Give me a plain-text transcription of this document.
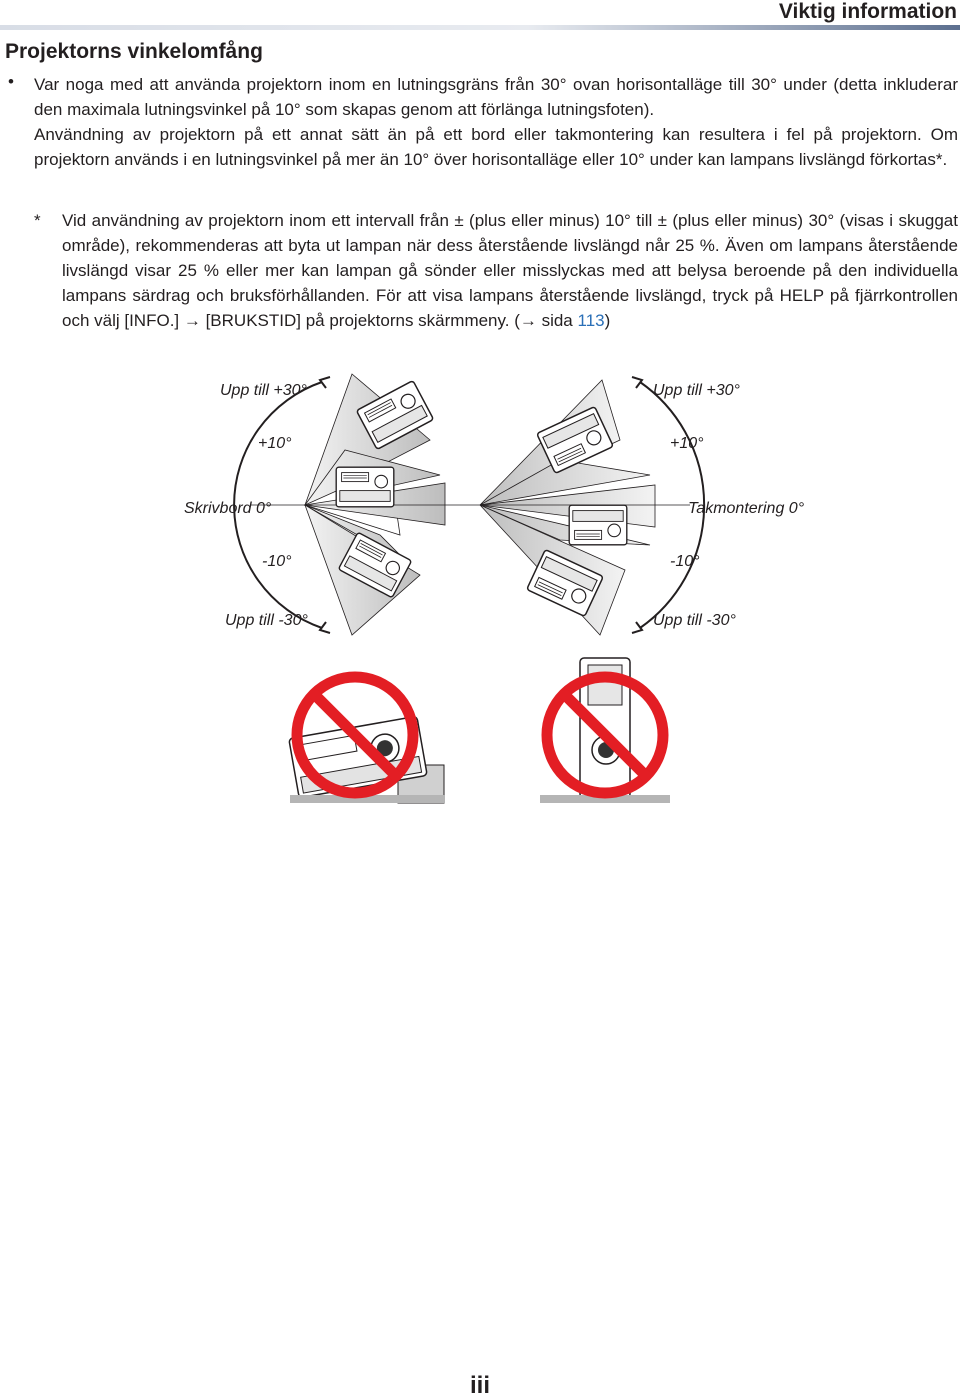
Viktig information
Projektorns vinkelomfång
• Var noga med att använda projektorn inom en lutningsgräns från 30° ovan horisontalläge till 30° under (detta inkluderar den maximala lutningsvinkel på 10° som skapas genom att förlänga lutningsfoten).

Användning av projektorn på ett annat sätt än på ett bord eller takmontering kan resultera i fel på projektorn. Om projektorn används i en lutningsvinkel på mer än 10° över horisontalläge eller 10° under kan lampans livslängd förkortas*.

* Vid användning av projektorn inom ett intervall från ± (plus eller minus) 10° till ± (plus eller minus) 30° (visas i skuggat område), rekommenderas att byta ut lampan när dess återstående livslängd når 25 %. Även om lampans återstående livslängd visar 25 % eller mer kan lampan gå sönder eller misslyckas med att belysa beroende på den individuella lampans särdrag och bruksförhållanden. För att visa lampans återstående livslängd, tryck på HELP på fjärrkontrollen och välj [INFO.] → [BRUKSTID] på projektorns skärmmeny. (→ sida 113)

Upp till +30°
+10°
Skrivbord 0°
-10°
Upp till -30°
Upp till +30°
+10°
Takmontering 0°
-10°
Upp till -30°
iii
